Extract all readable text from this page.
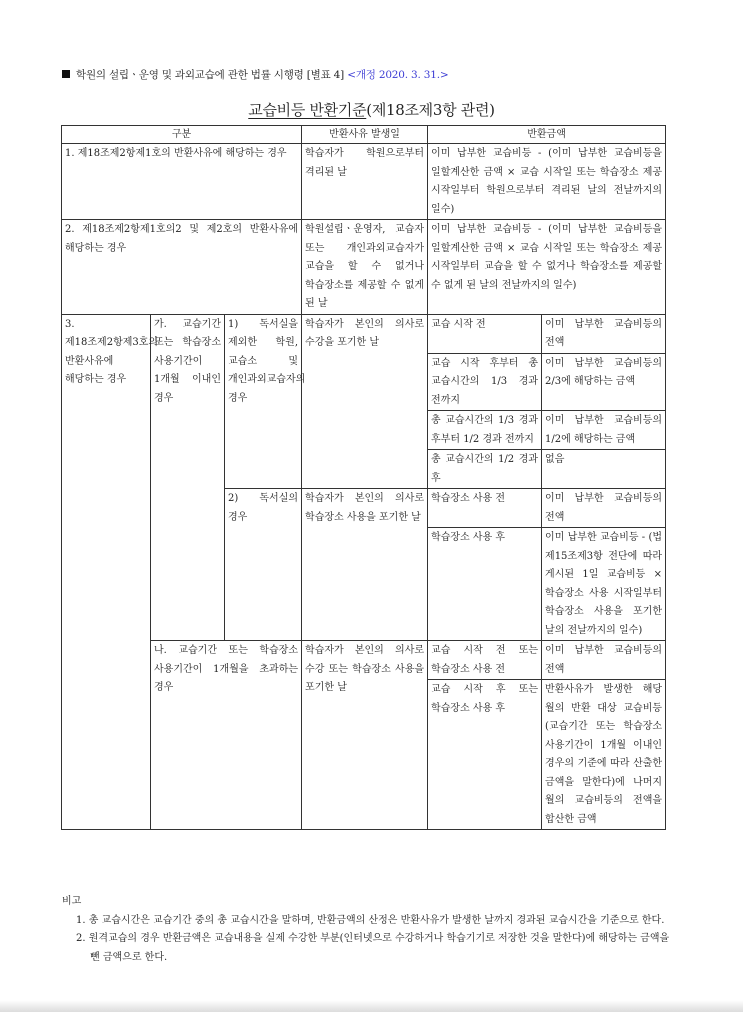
학원의 설립ㆍ운영 및 과외교습에 관한 법률 시행령 [별표 4] <개정 2020. 3. 31.>
교습비등 반환기준(제18조제3항 관련)
구분			반환사유 발생일	반환금액	
1. 제18조제2항제1호의 반환사유에 해당하는 경우			학습자가 학원으로부터 격리된 날	이미 납부한 교습비등 - (이미 납부한 교습비등을 일할계산한 금액 × 교습 시작일 또는 학습장소 제공 시작일부터 학원으로부터 격리된 날의 전날까지의 일수)	
2. 제18조제2항제1호의2 및 제2호의 반환사유에 해당하는 경우			학원설립ㆍ운영자, 교습자 또는 개인과외교습자가 교습을 할 수 없거나 학습장소를 제공할 수 없게 된 날	이미 납부한 교습비등 - (이미 납부한 교습비등을 일할계산한 금액 × 교습 시작일 또는 학습장소 제공 시작일부터 교습을 할 수 없거나 학습장소를 제공할 수 없게 된 날의 전날까지의 일수)	
3. 제18조제2항제3호의 반환사유에 해당하는 경우	가. 교습기간 또는 학습장소 사용기간이 1개월 이내인 경우	1) 독서실을 제외한 학원, 교습소 및 개인과외교습자의 경우	학습자가 본인의 의사로 수강을 포기한 날	교습 시작 전	이미 납부한 교습비등의 전액
				교습 시작 후부터 총 교습시간의 1/3 경과 전까지	이미 납부한 교습비등의 2/3에 해당하는 금액
				총 교습시간의 1/3 경과 후부터 1/2 경과 전까지	이미 납부한 교습비등의 1/2에 해당하는 금액
				총 교습시간의 1/2 경과 후	없음
		2) 독서실의 경우	학습자가 본인의 의사로 학습장소 사용을 포기한 날	학습장소 사용 전	이미 납부한 교습비등의 전액
				학습장소 사용 후	이미 납부한 교습비등 - (법 제15조제3항 전단에 따라 게시된 1일 교습비등 × 학습장소 사용 시작일부터 학습장소 사용을 포기한 날의 전날까지의 일수)
	나. 교습기간 또는 학습장소 사용기간이 1개월을 초과하는 경우		학습자가 본인의 의사로 수강 또는 학습장소 사용을 포기한 날	교습 시작 전 또는 학습장소 사용 전	이미 납부한 교습비등의 전액
				교습 시작 후 또는 학습장소 사용 후	반환사유가 발생한 해당 월의 반환 대상 교습비등(교습기간 또는 학습장소 사용기간이 1개월 이내인 경우의 기준에 따라 산출한 금액을 말한다)에 나머지 월의 교습비등의 전액을 합산한 금액
비고
1. 총 교습시간은 교습기간 중의 총 교습시간을 말하며, 반환금액의 산정은 반환사유가 발생한 날까지 경과된 교습시간을 기준으로 한다.
2. 원격교습의 경우 반환금액은 교습내용을 실제 수강한 부분(인터넷으로 수강하거나 학습기기로 저장한 것을 말한다)에 해당하는 금액을 뺀 금액으로 한다.
